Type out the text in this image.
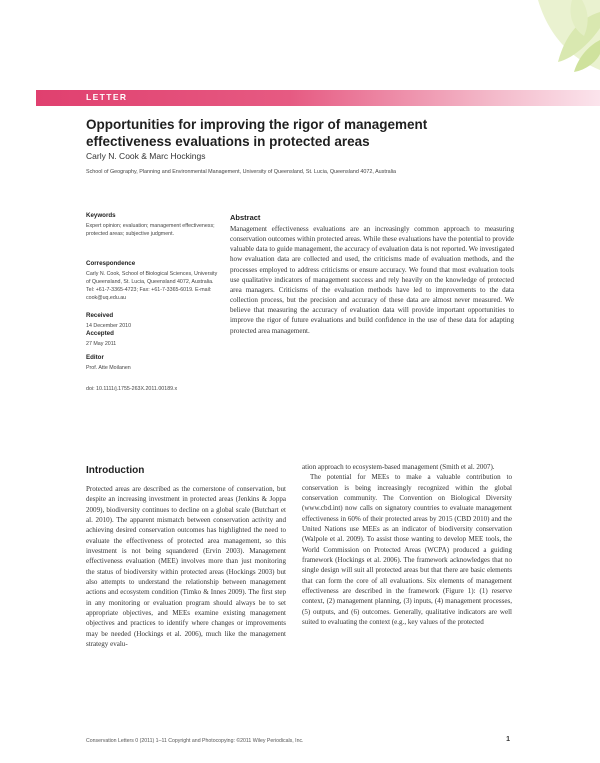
LETTER
Opportunities for improving the rigor of management effectiveness evaluations in protected areas
Carly N. Cook & Marc Hockings
School of Geography, Planning and Environmental Management, University of Queensland, St. Lucia, Queensland 4072, Australia
Keywords
Expert opinion; evaluation; management effectiveness; protected areas; subjective judgment.
Correspondence
Carly N. Cook, School of Biological Sciences, University of Queensland, St. Lucia, Queensland 4072, Australia. Tel: +61-7-3365-4723; Fax: +61-7-3365-6019. E-mail: cook@uq.edu.au
Received
14 December 2010
Accepted
27 May 2011
Editor
Prof. Atte Moilanen
doi: 10.1111/j.1755-263X.2011.00189.x
Abstract

Management effectiveness evaluations are an increasingly common approach to measuring conservation outcomes within protected areas. While these evaluations have the potential to provide valuable data to guide management, the accuracy of evaluation data is not reported. We investigated how evaluation data are collected and used, the criticisms made of evaluation methods, and the processes employed to address criticisms or ensure accuracy. We found that most evaluation tools use qualitative indicators of management success and rely heavily on the knowledge of protected area managers. Criticisms of the evaluation methods have led to improvements to the data collection process, but the precision and accuracy of these data are almost never measured. We believe that measuring the accuracy of evaluation data will provide important opportunities to improve the rigor of future evaluations and build confidence in the use of these data for adapting protected area management.

Introduction

Protected areas are described as the cornerstone of conservation, but despite an increasing investment in protected areas (Jenkins & Joppa 2009), biodiversity continues to decline on a global scale (Butchart et al. 2010). The apparent mismatch between conservation activity and achieving desired conservation outcomes has highlighted the need to evaluate the effectiveness of protected area management, so this investment is not being squandered (Ervin 2003). Management effectiveness evaluation (MEE) involves more than just monitoring the status of biodiversity within protected areas (Hockings 2003) but also attempts to understand the relationship between management actions and ecosystem condition (Timko & Innes 2009). The first step in any monitoring or evaluation program should always be to set appropriate objectives, and MEEs examine existing management objectives and practices to identify where changes or improvements may be needed (Hockings et al. 2006), much like the management strategy evalu-

ation approach to ecosystem-based management (Smith et al. 2007).

The potential for MEEs to make a valuable contribution to conservation is being increasingly recognized within the global conservation community. The Convention on Biological Diversity (www.cbd.int) now calls on signatory countries to evaluate management effectiveness in 60% of their protected areas by 2015 (CBD 2010) and the United Nations use MEEs as an indicator of biodiversity conservation (Walpole et al. 2009). To assist those wanting to develop MEE tools, the World Commission on Protected Areas (WCPA) produced a guiding framework (Hockings et al. 2006). The framework acknowledges that no single design will suit all protected areas but that there are basic elements that can form the core of all evaluations. Six elements of management effectiveness are described in the framework (Figure 1): (1) reserve context, (2) management planning, (3) inputs, (4) management processes, (5) outputs, and (6) outcomes. Generally, qualitative indicators are well suited to evaluating the context (e.g., key values of the protected

Conservation Letters 0 (2011) 1–11 Copyright and Photocopying: ©2011 Wiley Periodicals, Inc.	1
